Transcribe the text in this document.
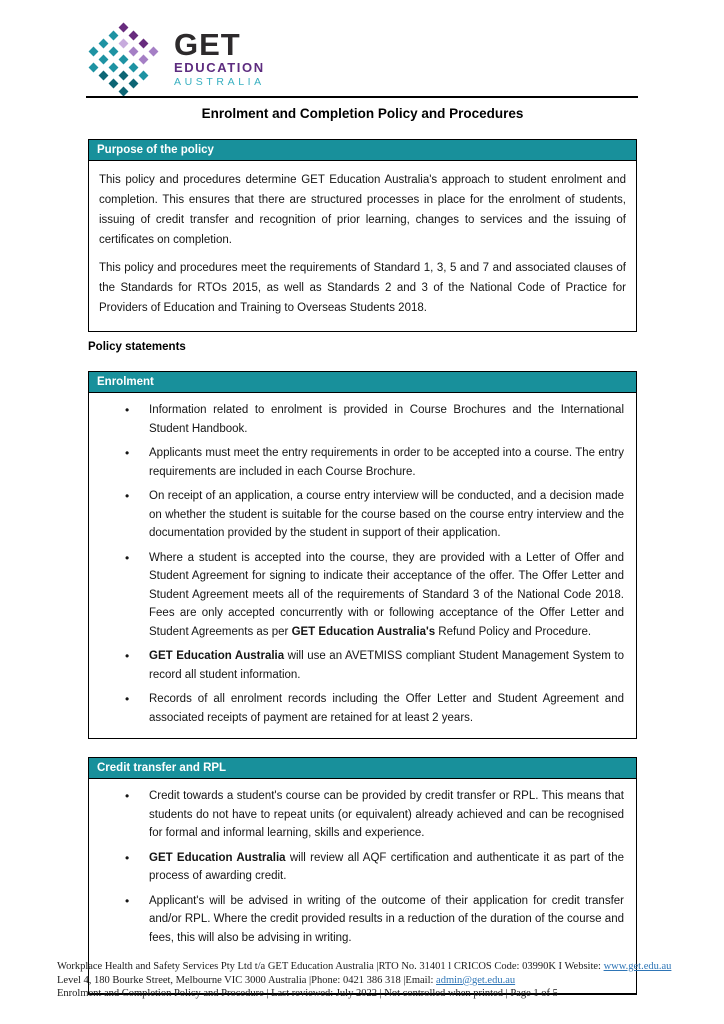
GET
EDUCATION
AUSTRALIA
Enrolment and Completion Policy and Procedures
Purpose of the policy

This policy and procedures determine GET Education Australia's approach to student enrolment and completion. This ensures that there are structured processes in place for the enrolment of students, issuing of credit transfer and recognition of prior learning, changes to services and the issuing of certificates on completion.

This policy and procedures meet the requirements of Standard 1, 3, 5 and 7 and associated clauses of the Standards for RTOs 2015, as well as Standards 2 and 3 of the National Code of Practice for Providers of Education and Training to Overseas Students 2018.

Policy statements
Enrolment
• Information related to enrolment is provided in Course Brochures and the International Student Handbook.
• Applicants must meet the entry requirements in order to be accepted into a course. The entry requirements are included in each Course Brochure.
• On receipt of an application, a course entry interview will be conducted, and a decision made on whether the student is suitable for the course based on the course entry interview and the documentation provided by the student in support of their application.
• Where a student is accepted into the course, they are provided with a Letter of Offer and Student Agreement for signing to indicate their acceptance of the offer. The Offer Letter and Student Agreement meets all of the requirements of Standard 3 of the National Code 2018. Fees are only accepted concurrently with or following acceptance of the Offer Letter and Student Agreements as per GET Education Australia's Refund Policy and Procedure.
• GET Education Australia will use an AVETMISS compliant Student Management System to record all student information.
• Records of all enrolment records including the Offer Letter and Student Agreement and associated receipts of payment are retained for at least 2 years.
Credit transfer and RPL
• Credit towards a student's course can be provided by credit transfer or RPL. This means that students do not have to repeat units (or equivalent) already achieved and can be recognised for formal and informal learning, skills and experience.
• GET Education Australia will review all AQF certification and authenticate it as part of the process of awarding credit.
• Applicant's will be advised in writing of the outcome of their application for credit transfer and/or RPL. Where the credit provided results in a reduction of the duration of the course and fees, this will also be advising in writing.
Workplace Health and Safety Services Pty Ltd t/a GET Education Australia |RTO No. 31401 l CRICOS Code: 03990K I Website: www.get.edu.au
Level 4, 180 Bourke Street, Melbourne VIC 3000 Australia |Phone: 0421 386 318 |Email: admin@get.edu.au
Enrolment and Completion Policy and Procedure | Last reviewed: July 2022 | Not controlled when printed | Page 1 of 5
